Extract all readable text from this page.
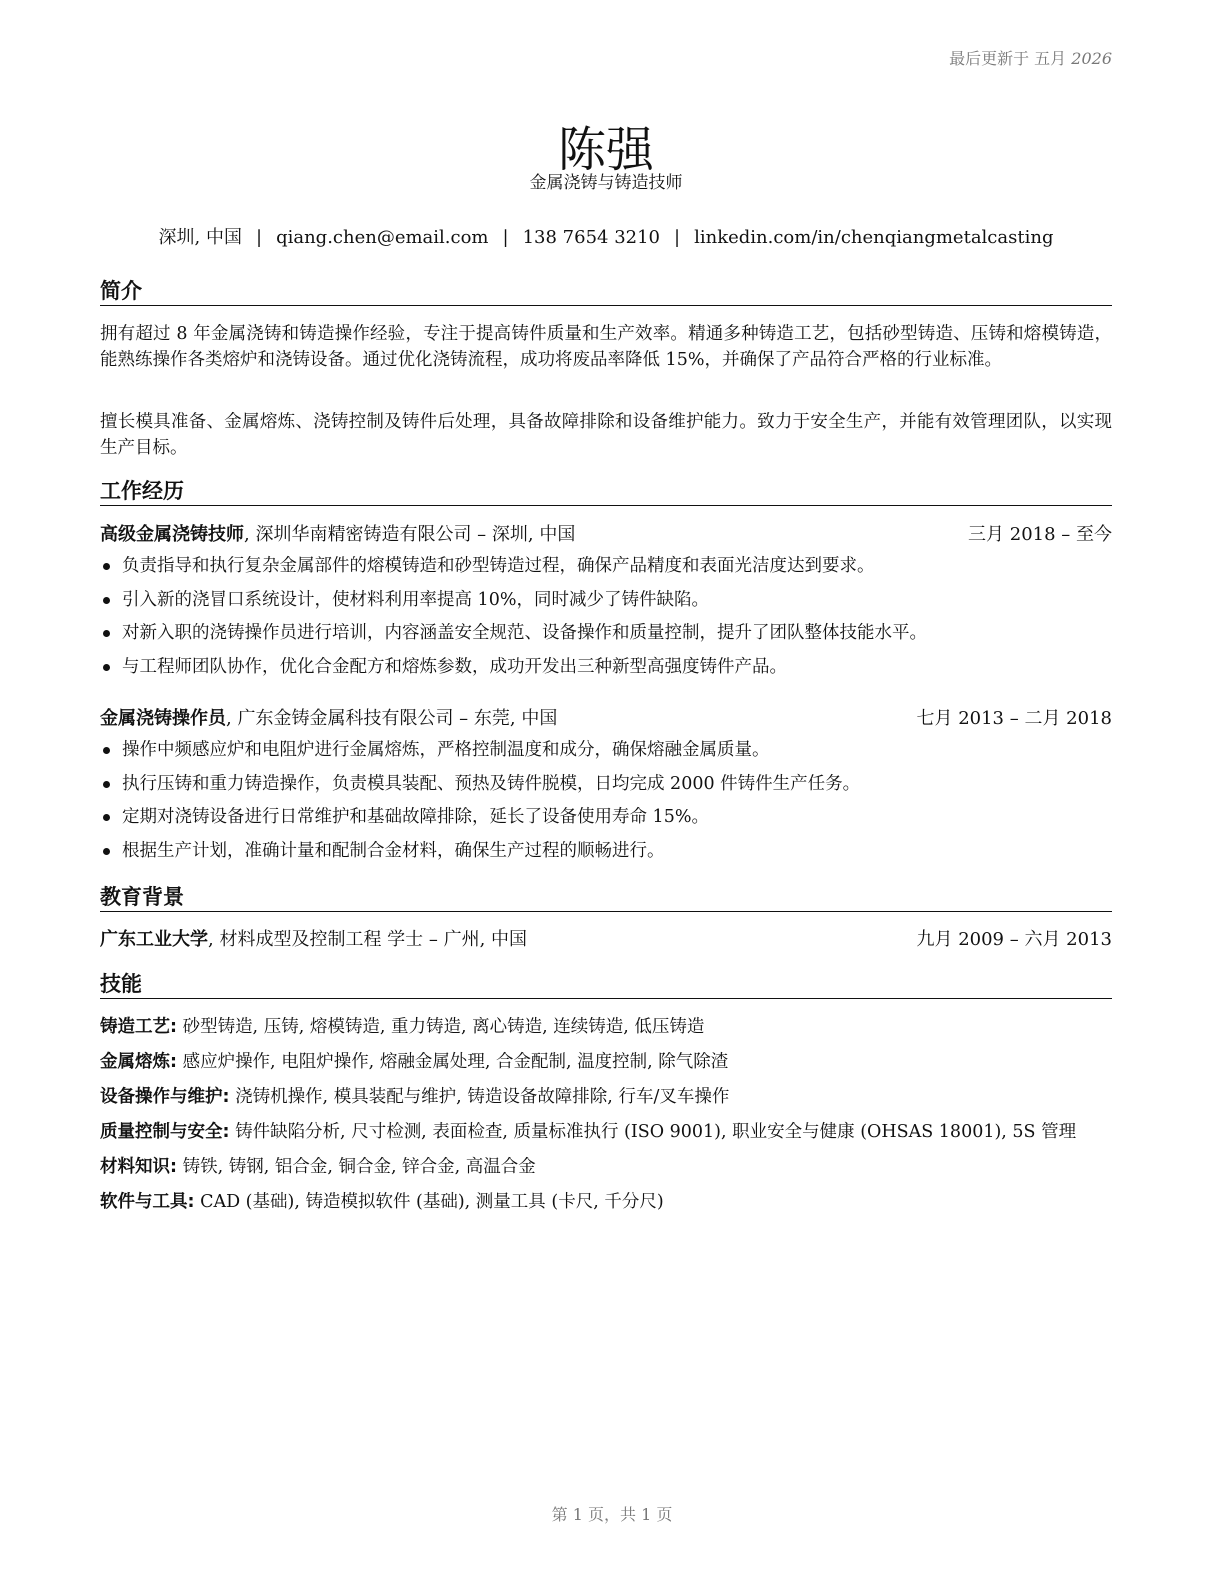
最后更新于 五月 2026
陈强
金属浇铸与铸造技师
深圳, 中国 | qiang.chen@email.com | 138 7654 3210 | linkedin.com/in/chenqiangmetalcasting
简介

拥有超过 8 年金属浇铸和铸造操作经验，专注于提高铸件质量和生产效率。精通多种铸造工艺，包括砂型铸造、压铸和熔模铸造，能熟练操作各类熔炉和浇铸设备。通过优化浇铸流程，成功将废品率降低 15%，并确保了产品符合严格的行业标准。

擅长模具准备、金属熔炼、浇铸控制及铸件后处理，具备故障排除和设备维护能力。致力于安全生产，并能有效管理团队，以实现生产目标。

工作经历
高级金属浇铸技师, 深圳华南精密铸造有限公司 – 深圳, 中国	三月 2018 – 至今
负责指导和执行复杂金属部件的熔模铸造和砂型铸造过程，确保产品精度和表面光洁度达到要求。
引入新的浇冒口系统设计，使材料利用率提高 10%，同时减少了铸件缺陷。
对新入职的浇铸操作员进行培训，内容涵盖安全规范、设备操作和质量控制，提升了团队整体技能水平。
与工程师团队协作，优化合金配方和熔炼参数，成功开发出三种新型高强度铸件产品。
金属浇铸操作员, 广东金铸金属科技有限公司 – 东莞, 中国	七月 2013 – 二月 2018
操作中频感应炉和电阻炉进行金属熔炼，严格控制温度和成分，确保熔融金属质量。
执行压铸和重力铸造操作，负责模具装配、预热及铸件脱模，日均完成 2000 件铸件生产任务。
定期对浇铸设备进行日常维护和基础故障排除，延长了设备使用寿命 15%。
根据生产计划，准确计量和配制合金材料，确保生产过程的顺畅进行。
教育背景
广东工业大学, 材料成型及控制工程 学士 – 广州, 中国	九月 2009 – 六月 2013
技能
铸造工艺: 砂型铸造, 压铸, 熔模铸造, 重力铸造, 离心铸造, 连续铸造, 低压铸造
金属熔炼: 感应炉操作, 电阻炉操作, 熔融金属处理, 合金配制, 温度控制, 除气除渣
设备操作与维护: 浇铸机操作, 模具装配与维护, 铸造设备故障排除, 行车/叉车操作
质量控制与安全: 铸件缺陷分析, 尺寸检测, 表面检查, 质量标准执行 (ISO 9001), 职业安全与健康 (OHSAS 18001), 5S 管理
材料知识: 铸铁, 铸钢, 铝合金, 铜合金, 锌合金, 高温合金
软件与工具: CAD (基础), 铸造模拟软件 (基础), 测量工具 (卡尺, 千分尺)
第 1 页，共 1 页
